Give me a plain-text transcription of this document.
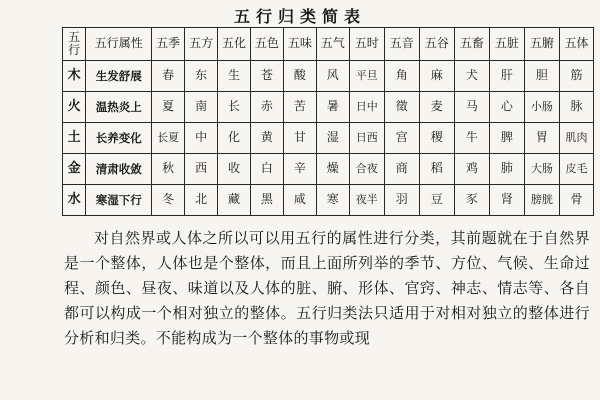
五行归类简表
五行	五行属性	五季	五方	五化	五色	五味	五气	五时	五音	五谷	五畜	五脏	五腑	五体
木	生发舒展	春	东	生	苍	酸	风	平旦	角	麻	犬	肝	胆	筋
火	温热炎上	夏	南	长	赤	苦	暑	日中	徵	麦	马	心	小肠	脉
土	长养变化	长夏	中	化	黄	甘	湿	日西	宫	稷	牛	脾	胃	肌肉
金	清肃收敛	秋	西	收	白	辛	燥	合夜	商	稻	鸡	肺	大肠	皮毛
水	寒湿下行	冬	北	藏	黑	咸	寒	夜半	羽	豆	豕	肾	膀胱	骨

对自然界或人体之所以可以用五行的属性进行分类，其前题就在于自然界是一个整体，人体也是个整体，而且上面所列举的季节、方位、气候、生命过程、颜色、昼夜、味道以及人体的脏、腑、形体、官窍、神志、情志等、各自都可以构成一个相对独立的整体。五行归类法只适用于对相对独立的整体进行分析和归类。不能构成为一个整体的事物或现
